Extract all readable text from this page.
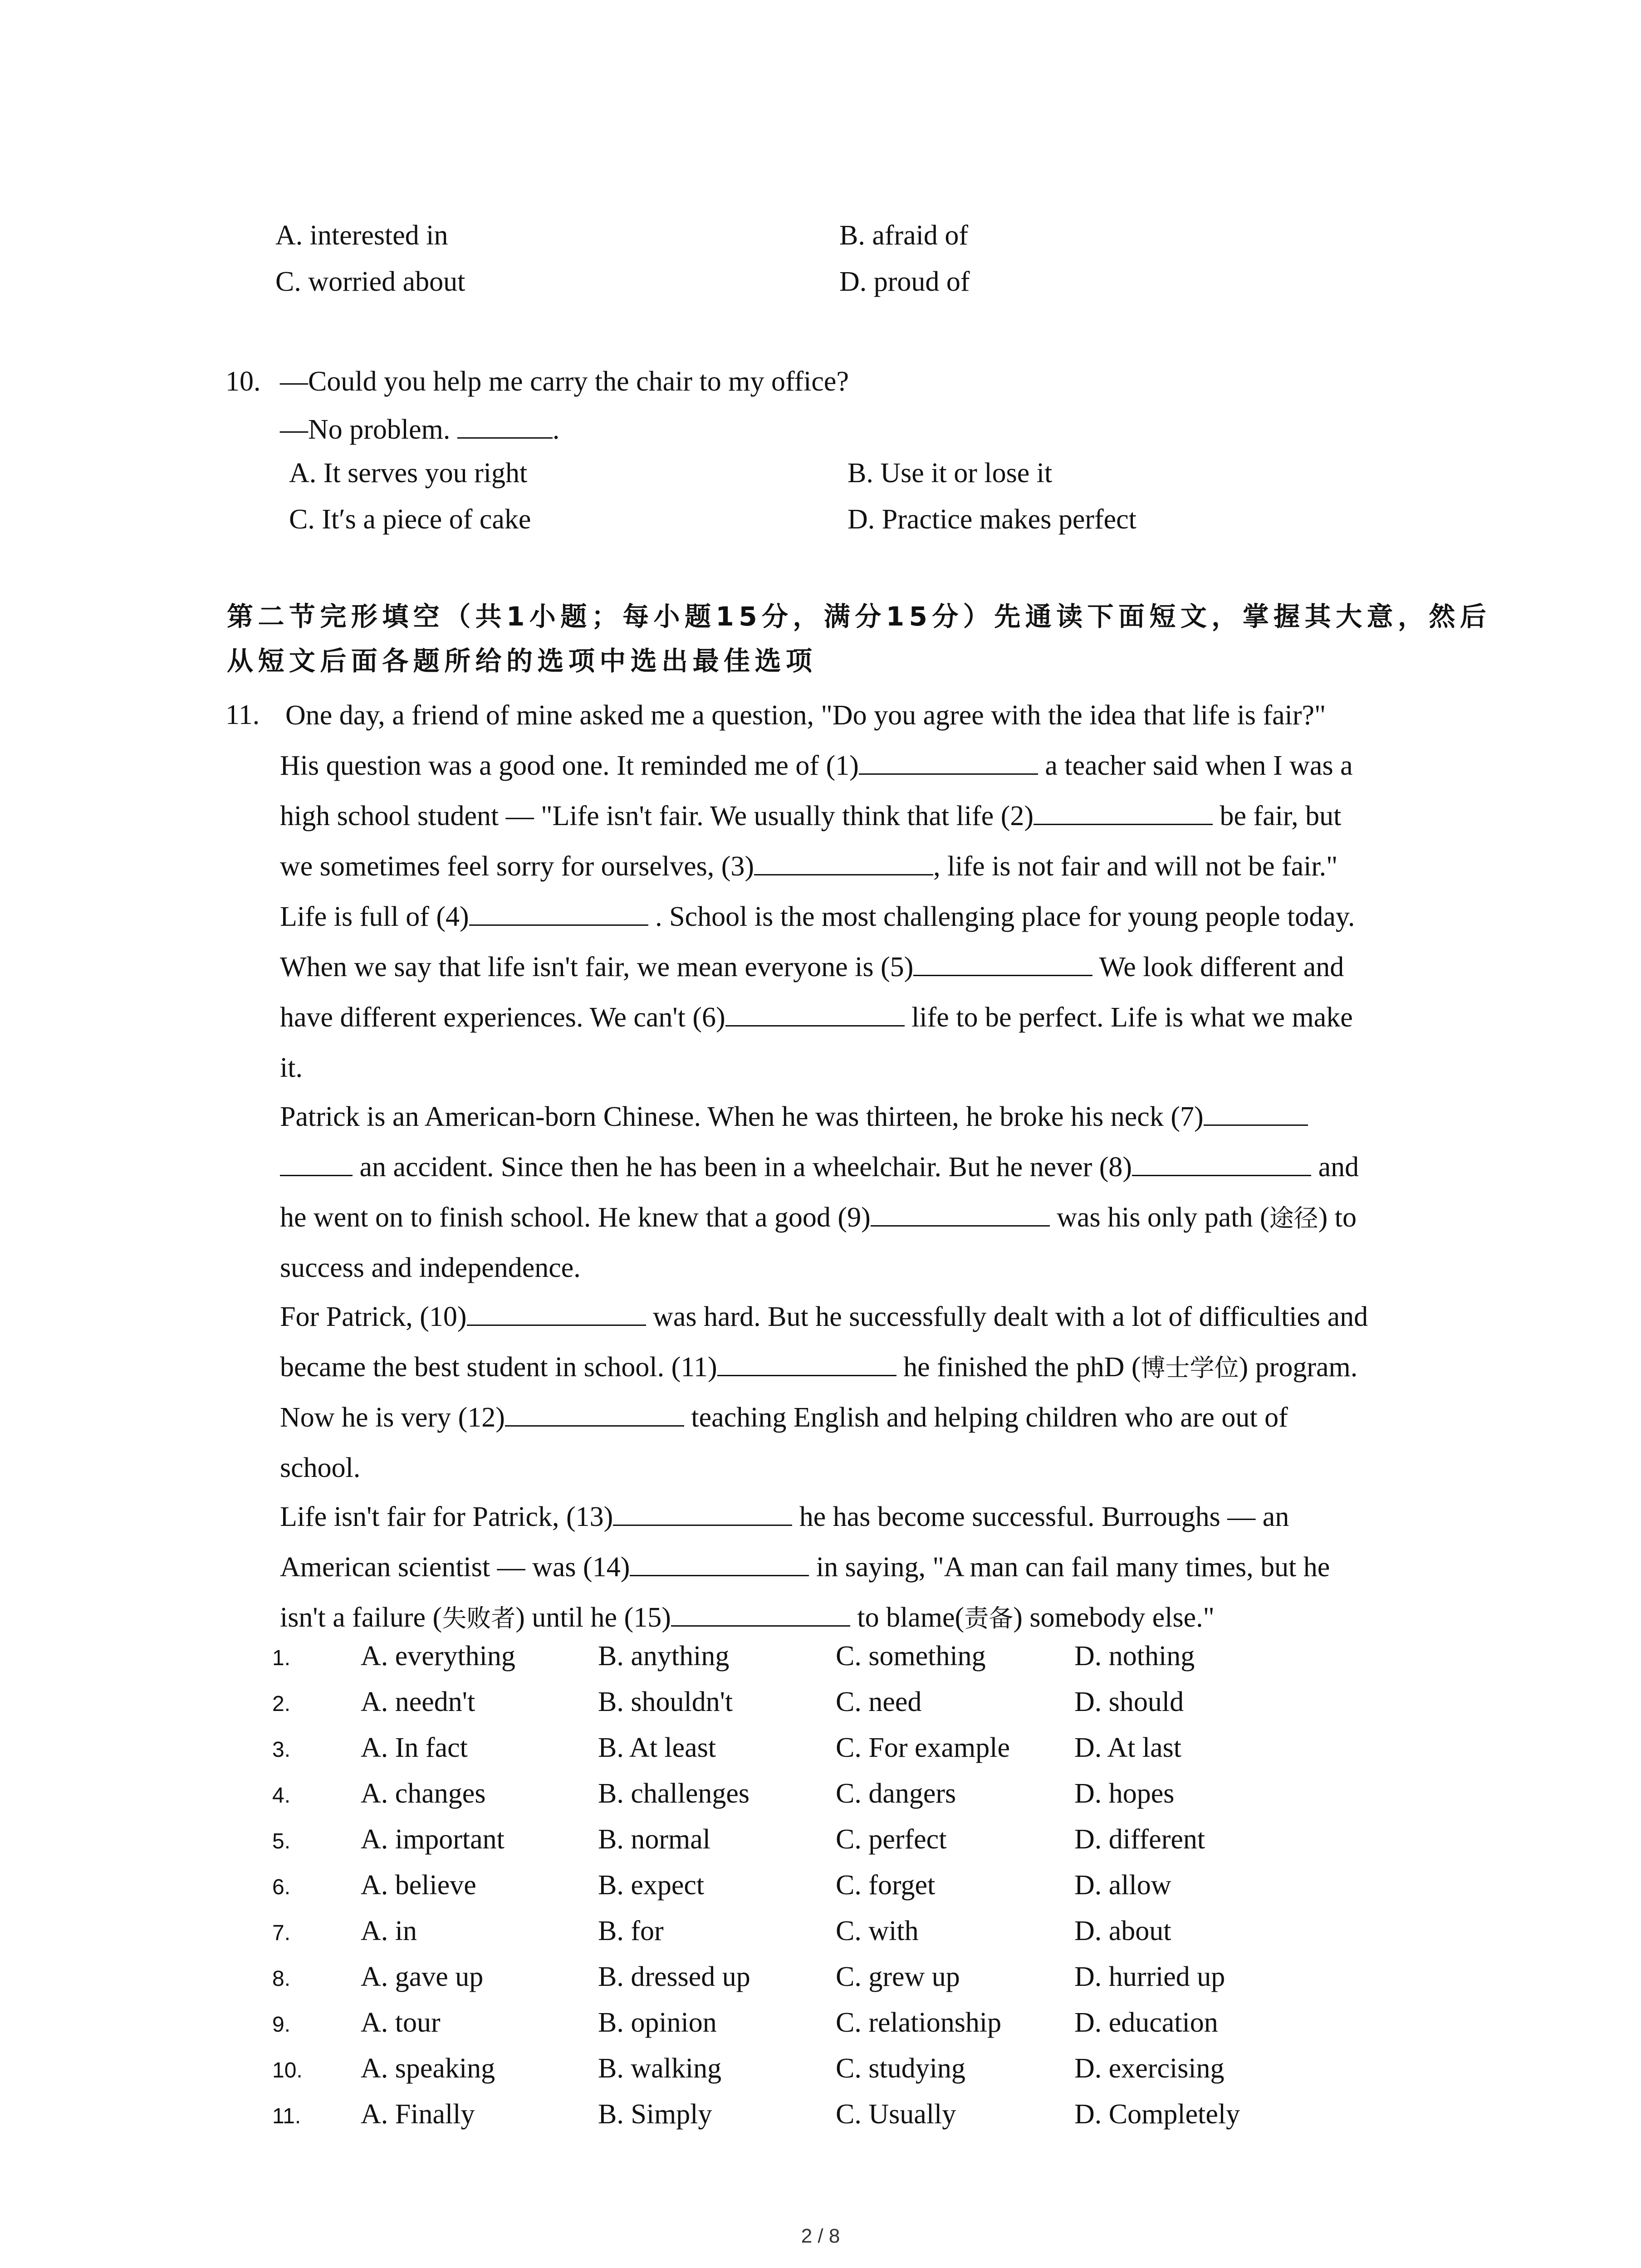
A. interested in	B. afraid of
C. worried about	D. proud of
10. —Could you help me carry the chair to my office?
—No problem.	.
A. It serves you right	B. Use it or lose it
C. It′s a piece of cake	D. Practice makes perfect
第二节完形填空（共1小题；每小题15分，满分15分）先通读下面短文，掌握其大意，然后
从短文后面各题所给的选项中选出最佳选项
11. One day, a friend of mine asked me a question, "Do you agree with the idea that life is fair?"
His question was a good one. It reminded me of (1)	a teacher said when I was a
high school student — "Life isn't fair. We usually think that life (2)	be fair, but
we sometimes feel sorry for ourselves, (3)	, life is not fair and will not be fair."
Life is full of (4)	. School is the most challenging place for young people today.
When we say that life isn't fair, we mean everyone is (5)	We look different and
have different experiences. We can't (6)	life to be perfect. Life is what we make
it.
Patrick is an American-born Chinese. When he was thirteen, he broke his neck (7)
an accident. Since then he has been in a wheelchair. But he never (8)	and
he went on to finish school. He knew that a good (9)	was his only path (途径) to
success and independence.
For Patrick, (10)	was hard. But he successfully dealt with a lot of difficulties and
became the best student in school. (11)	he finished the phD (博士学位) program.
Now he is very (12)	teaching English and helping children who are out of
school.
Life isn't fair for Patrick, (13)	he has become successful. Burroughs — an
American scientist — was (14)	in saying, "A man can fail many times, but he
isn't a failure (失败者) until he (15)	to blame(责备) somebody else."
1. A. everything	B. anything	C. something	D. nothing
2. A. needn't	B. shouldn't	C. need	D. should
3. A. In fact	B. At least	C. For example D. At last
4. A. changes	B. challenges	C. dangers	D. hopes
5. A. important	B. normal	C. perfect	D. different
6. A. believe	B. expect	C. forget	D. allow
7. A. in	B. for	C. with	D. about
8. A. gave up	B. dressed up	C. grew up	D. hurried up
9. A. tour	B. opinion	C. relationship	D. education
10. A. speaking	B. walking	C. studying	D. exercising
11. A. Finally	B. Simply	C. Usually	D. Completely
2 / 8
